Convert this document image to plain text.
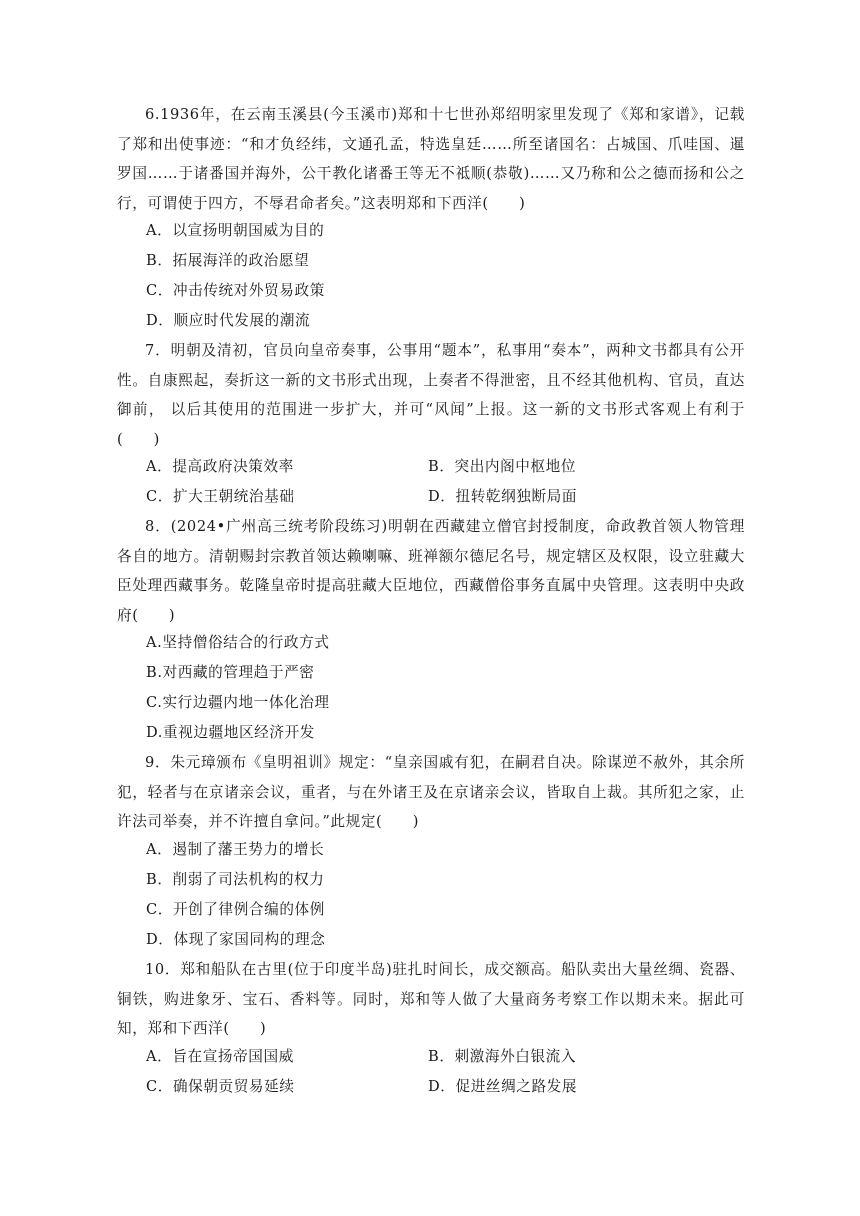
6.1936年，在云南玉溪县(今玉溪市)郑和十七世孙郑绍明家里发现了《郑和家谱》，记载了郑和出使事迹：“和才负经纬，文通孔孟，特选皇廷……所至诸国名：占城国、爪哇国、暹罗国……于诸番国并海外，公干教化诸番王等无不祗顺(恭敬)……又乃称和公之德而扬和公之行，可谓使于四方，不辱君命者矣。”这表明郑和下西洋(　　)

A．以宣扬明朝国威为目的

B．拓展海洋的政治愿望

C．冲击传统对外贸易政策

D．顺应时代发展的潮流

7．明朝及清初，官员向皇帝奏事，公事用“题本”，私事用“奏本”，两种文书都具有公开性。自康熙起，奏折这一新的文书形式出现，上奏者不得泄密，且不经其他机构、官员，直达御前， 以后其使用的范围进一步扩大，并可“风闻”上报。这一新的文书形式客观上有利于(　　)

A．提高政府决策效率	B．突出内阁中枢地位

C．扩大王朝统治基础	D．扭转乾纲独断局面

8．(2024•广州高三统考阶段练习)明朝在西藏建立僧官封授制度，命政教首领人物管理各自的地方。清朝赐封宗教首领达赖喇嘛、班禅额尔德尼名号，规定辖区及权限，设立驻藏大臣处理西藏事务。乾隆皇帝时提高驻藏大臣地位，西藏僧俗事务直属中央管理。这表明中央政府(　　)

A.坚持僧俗结合的行政方式

B.对西藏的管理趋于严密

C.实行边疆内地一体化治理

D.重视边疆地区经济开发

9．朱元璋颁布《皇明祖训》规定：“皇亲国戚有犯，在嗣君自决。除谋逆不赦外，其余所犯，轻者与在京诸亲会议，重者，与在外诸王及在京诸亲会议，皆取自上裁。其所犯之家，止许法司举奏，并不许擅自拿问。”此规定(　　)

A．遏制了藩王势力的增长

B．削弱了司法机构的权力

C．开创了律例合编的体例

D．体现了家国同构的理念

10．郑和船队在古里(位于印度半岛)驻扎时间长，成交额高。船队卖出大量丝绸、瓷器、铜铁，购进象牙、宝石、香料等。同时，郑和等人做了大量商务考察工作以期未来。据此可知，郑和下西洋(　　)

A．旨在宣扬帝国国威	B．刺激海外白银流入

C．确保朝贡贸易延续	D．促进丝绸之路发展
